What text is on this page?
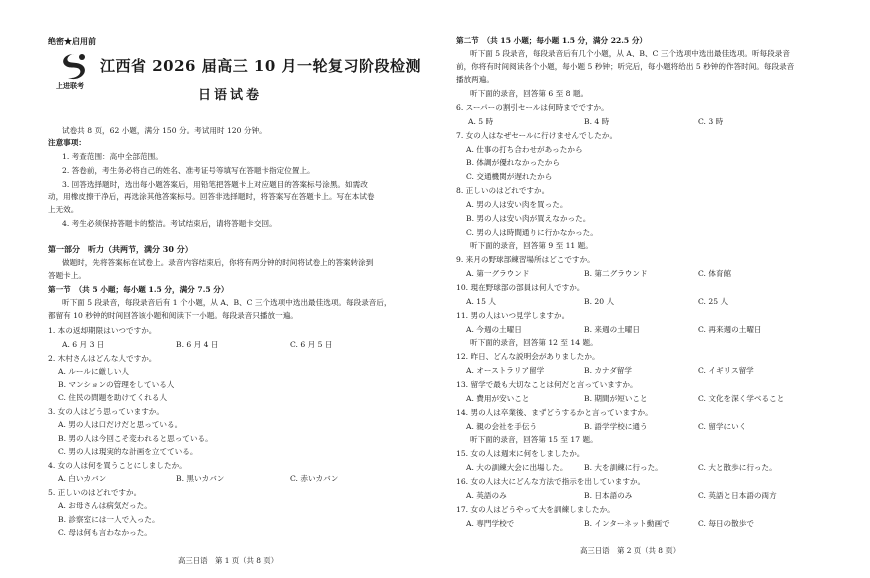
绝密★启用前
上进联考
江西省 2026 届高三 10 月一轮复习阶段检测
日语试卷
试卷共 8 页，62 小题，满分 150 分。考试用时 120 分钟。
注意事项：
1. 考查范围：高中全部范围。
2. 答卷前，考生务必将自己的姓名、准考证号等填写在答题卡指定位置上。
3. 回答选择题时，选出每小题答案后，用铅笔把答题卡上对应题目的答案标号涂黑。如需改
动，用橡皮擦干净后，再选涂其他答案标号。回答非选择题时，将答案写在答题卡上。写在本试卷
上无效。
4. 考生必须保持答题卡的整洁。考试结束后，请将答题卡交回。
第一部分　听力（共两节，满分 30 分）
做题时，先将答案标在试卷上。录音内容结束后，你将有两分钟的时间将试卷上的答案转涂到
答题卡上。
第一节　（共 5 小题；每小题 1.5 分，满分 7.5 分）
听下面 5 段录音，每段录音后有 1 个小题，从 A、B、C 三个选项中选出最佳选项。每段录音后，
都留有 10 秒钟的时间回答该小题和阅读下一小题。每段录音只播放一遍。
1. 本の返却期限はいつですか。
A. 6 月 3 日	B. 6 月 4 日	C. 6 月 5 日
2. 木村さんはどんな人ですか。
A. ルールに厳しい人
B. マンションの管理をしている人
C. 住民の問題を助けてくれる人
3. 女の人はどう思っていますか。
A. 男の人は口だけだと思っている。
B. 男の人は今回こそ変われると思っている。
C. 男の人は現実的な計画を立てている。
4. 女の人は何を買うことにしましたか。
A. 白いカバン	B. 黒いカバン	C. 赤いカバン
5. 正しいのはどれですか。
A. お母さんは病気だった。
B. 診察室には一人で入った。
C. 母は何も言わなかった。
高三日语　第 1 页（共 8 页）
第二节　（共 15 小题；每小题 1.5 分，满分 22.5 分）
听下面 5 段录音，每段录音后有几个小题，从 A、B、C 三个选项中选出最佳选项。听每段录音
前，你将有时间阅读各个小题，每小题 5 秒钟；听完后，每小题将给出 5 秒钟的作答时间。每段录音
播放两遍。
听下面的录音，回答第 6 至 8 题。
6. スーパーの割引セールは何時までですか。
A. 5 時	B. 4 時	C. 3 時
7. 女の人はなぜセールに行けませんでしたか。
A. 仕事の打ち合わせがあったから
B. 体調が優れなかったから
C. 交通機関が遅れたから
8. 正しいのはどれですか。
A. 男の人は安い肉を買った。
B. 男の人は安い肉が買えなかった。
C. 男の人は時間通りに行かなかった。
听下面的录音，回答第 9 至 11 题。
9. 来月の野球部練習場所はどこですか。
A. 第一グラウンド	B. 第二グラウンド	C. 体育館
10. 現在野球部の部員は何人ですか。
A. 15 人	B. 20 人	C. 25 人
11. 男の人はいつ見学しますか。
A. 今週の土曜日	B. 来週の土曜日	C. 再来週の土曜日
听下面的录音，回答第 12 至 14 题。
12. 昨日、どんな説明会がありましたか。
A. オーストラリア留学	B. カナダ留学	C. イギリス留学
13. 留学で最も大切なことは何だと言っていますか。
A. 費用が安いこと	B. 期間が短いこと	C. 文化を深く学べること
14. 男の人は卒業後、まずどうするかと言っていますか。
A. 親の会社を手伝う	B. 語学学校に通う	C. 留学にいく
听下面的录音，回答第 15 至 17 题。
15. 女の人は週末に何をしましたか。
A. 大の訓練大会に出場した。 B. 大を訓練に行った。	C. 大と散歩に行った。
16. 女の人は大にどんな方法で指示を出していますか。
A. 英語のみ	B. 日本語のみ	C. 英語と日本語の両方
17. 女の人はどうやって大を訓練しましたか。
A. 専門学校で	B. インターネット動画で	C. 毎日の散歩で
高三日语　第 2 页（共 8 页）
